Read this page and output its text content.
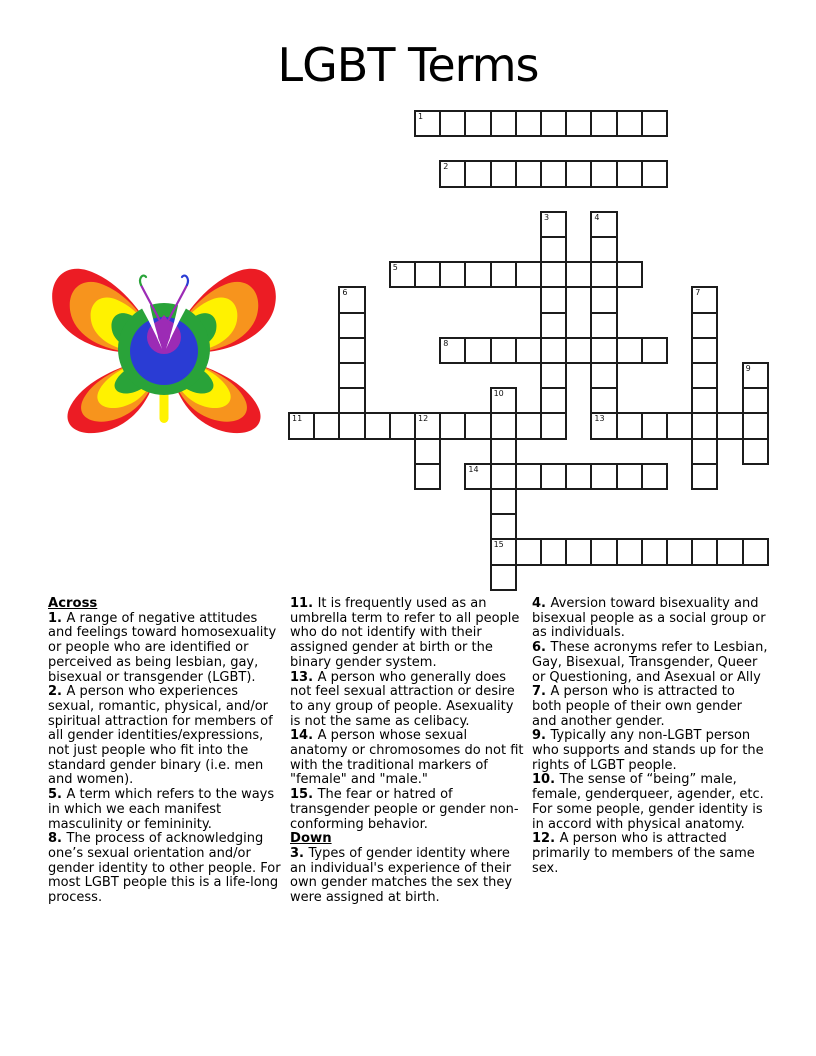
LGBT Terms
1
2
3	4
13
5
6	7
8
9
10
15
11	12
14
Across

1. A range of negative attitudes and feelings toward homosexuality or people who are identified or perceived as being lesbian, gay, bisexual or transgender (LGBT).

2. A person who experiences sexual, romantic, physical, and/or spiritual attraction for members of all gender identities/expressions, not just people who fit into the standard gender binary (i.e. men and women).

5. A term which refers to the ways in which we each manifest masculinity or femininity.

8. The process of acknowledging one’s sexual orientation and/or gender identity to other people. For most LGBT people this is a life-long process.

11. It is frequently used as an umbrella term to refer to all people who do not identify with their assigned gender at birth or the binary gender system.

13. A person who generally does not feel sexual attraction or desire to any group of people. Asexuality is not the same as celibacy.

14. A person whose sexual anatomy or chromosomes do not fit with the traditional markers of "female" and "male."

15. The fear or hatred of transgender people or gender non-conforming behavior.

Down

3. Types of gender identity where an individual's experience of their own gender matches the sex they were assigned at birth.

4. Aversion toward bisexuality and bisexual people as a social group or as individuals.

6. These acronyms refer to Lesbian, Gay, Bisexual, Transgender, Queer or Questioning, and Asexual or Ally

7. A person who is attracted to both people of their own gender and another gender.

9. Typically any non-LGBT person who supports and stands up for the rights of LGBT people.

10. The sense of “being” male, female, genderqueer, agender, etc. For some people, gender identity is in accord with physical anatomy.

12. A person who is attracted primarily to members of the same sex.
